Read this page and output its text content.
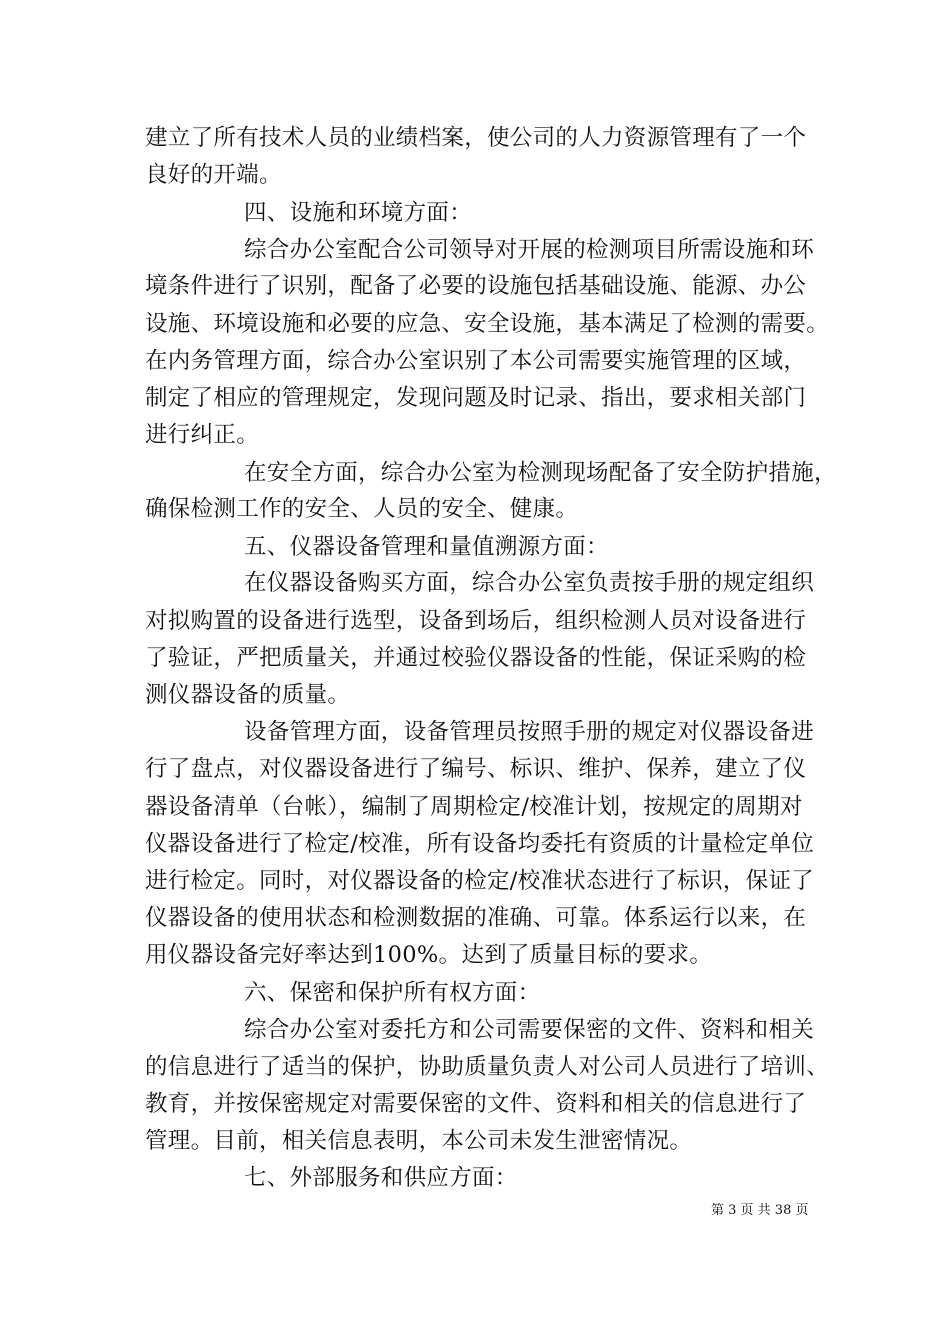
建立了所有技术人员的业绩档案，使公司的人力资源管理有了一个
良好的开端。
四、设施和环境方面：
综合办公室配合公司领导对开展的检测项目所需设施和环
境条件进行了识别，配备了必要的设施包括基础设施、能源、办公
设施、环境设施和必要的应急、安全设施，基本满足了检测的需要。
在内务管理方面，综合办公室识别了本公司需要实施管理的区域，
制定了相应的管理规定，发现问题及时记录、指出，要求相关部门
进行纠正。
在安全方面，综合办公室为检测现场配备了安全防护措施，
确保检测工作的安全、人员的安全、健康。
五、仪器设备管理和量值溯源方面：
在仪器设备购买方面，综合办公室负责按手册的规定组织
对拟购置的设备进行选型，设备到场后，组织检测人员对设备进行
了验证，严把质量关，并通过校验仪器设备的性能，保证采购的检
测仪器设备的质量。
设备管理方面，设备管理员按照手册的规定对仪器设备进
行了盘点，对仪器设备进行了编号、标识、维护、保养，建立了仪
器设备清单（台帐），编制了周期检定/校准计划，按规定的周期对
仪器设备进行了检定/校准，所有设备均委托有资质的计量检定单位
进行检定。同时，对仪器设备的检定/校准状态进行了标识，保证了
仪器设备的使用状态和检测数据的准确、可靠。体系运行以来，在
用仪器设备完好率达到100%。达到了质量目标的要求。
六、保密和保护所有权方面：
综合办公室对委托方和公司需要保密的文件、资料和相关
的信息进行了适当的保护，协助质量负责人对公司人员进行了培训、
教育，并按保密规定对需要保密的文件、资料和相关的信息进行了
管理。目前，相关信息表明，本公司未发生泄密情况。
七、外部服务和供应方面：
第 3 页 共 38 页
